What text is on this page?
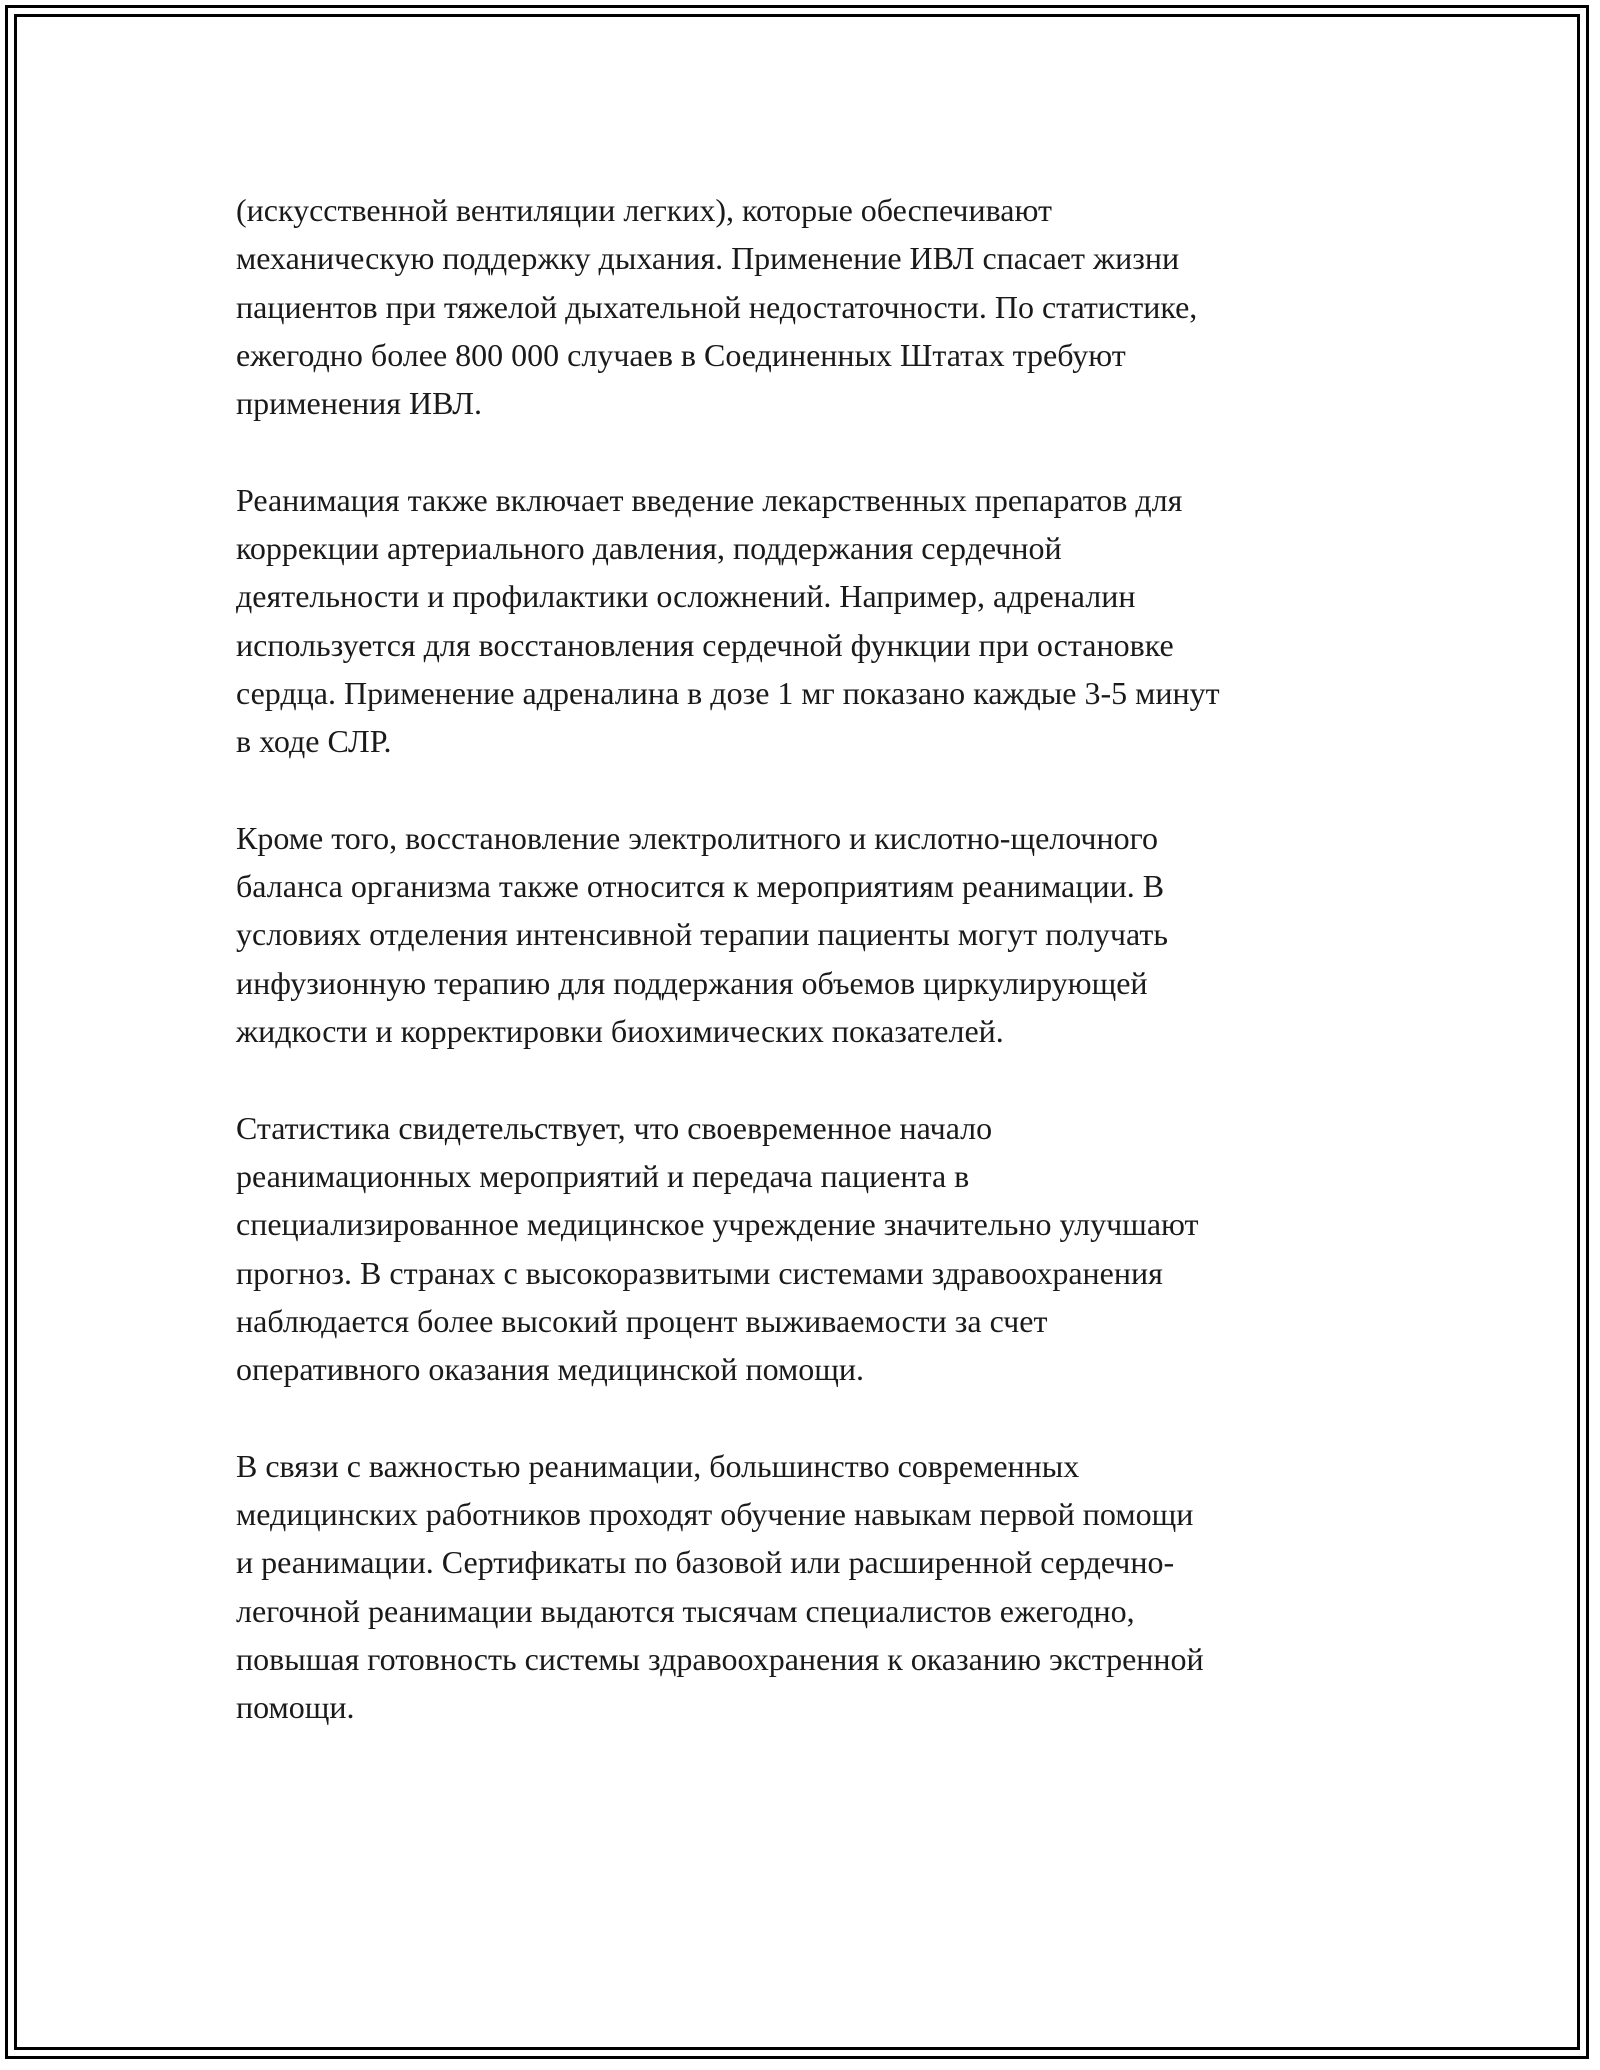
(искусственной вентиляции легких), которые обеспечивают
механическую поддержку дыхания. Применение ИВЛ спасает жизни
пациентов при тяжелой дыхательной недостаточности. По статистике,
ежегодно более 800 000 случаев в Соединенных Штатах требуют
применения ИВЛ.

Реанимация также включает введение лекарственных препаратов для
коррекции артериального давления, поддержания сердечной
деятельности и профилактики осложнений. Например, адреналин
используется для восстановления сердечной функции при остановке
сердца. Применение адреналина в дозе 1 мг показано каждые 3-5 минут
в ходе СЛР.

Кроме того, восстановление электролитного и кислотно-щелочного
баланса организма также относится к мероприятиям реанимации. В
условиях отделения интенсивной терапии пациенты могут получать
инфузионную терапию для поддержания объемов циркулирующей
жидкости и корректировки биохимических показателей.

Статистика свидетельствует, что своевременное начало
реанимационных мероприятий и передача пациента в
специализированное медицинское учреждение значительно улучшают
прогноз. В странах с высокоразвитыми системами здравоохранения
наблюдается более высокий процент выживаемости за счет
оперативного оказания медицинской помощи.

В связи с важностью реанимации, большинство современных
медицинских работников проходят обучение навыкам первой помощи
и реанимации. Сертификаты по базовой или расширенной сердечно-
легочной реанимации выдаются тысячам специалистов ежегодно,
повышая готовность системы здравоохранения к оказанию экстренной
помощи.
